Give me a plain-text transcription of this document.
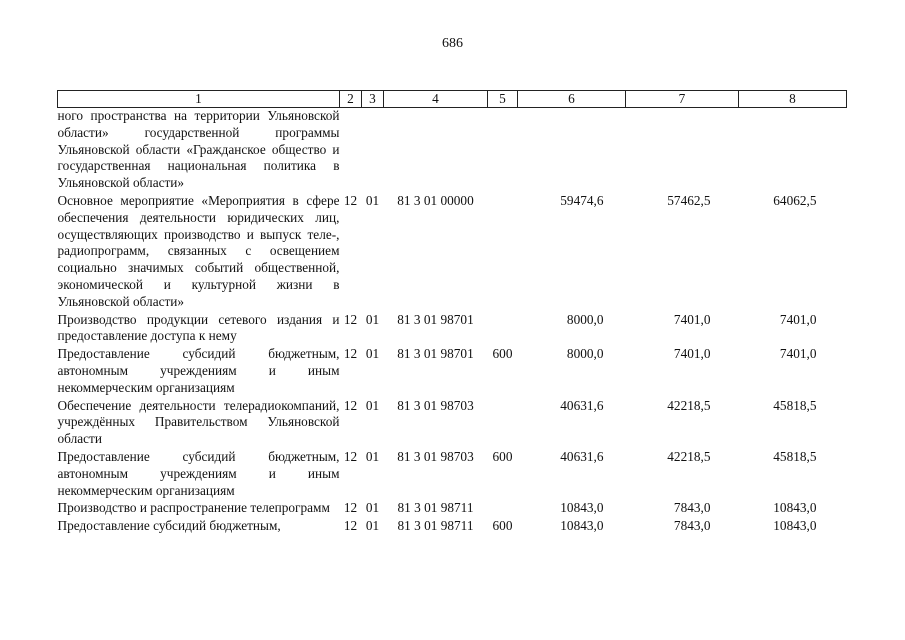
686
1	2	3	4	5	6	7	8
ного пространства на территории Ульяновской области» государственной программы Ульяновской области «Гражданское общество и государственная национальная политика в Ульяновской области»							
Основное мероприятие «Мероприятия в сфере обеспечения деятельности юридических лиц, осуществляющих производство и выпуск теле-, радиопрограмм, связанных с освещением социально значимых событий общественной, экономической и культурной жизни в Ульяновской области»	12	01	81 3 01 00000		59474,6	57462,5	64062,5
Производство продукции сетевого издания и предоставление доступа к нему	12	01	81 3 01 98701		8000,0	7401,0	7401,0
Предоставление субсидий бюджетным, автономным учреждениям и иным некоммерческим организациям	12	01	81 3 01 98701	600	8000,0	7401,0	7401,0
Обеспечение деятельности телерадиокомпаний, учреждённых Правительством Ульяновской области	12	01	81 3 01 98703		40631,6	42218,5	45818,5
Предоставление субсидий бюджетным, автономным учреждениям и иным некоммерческим организациям	12	01	81 3 01 98703	600	40631,6	42218,5	45818,5
Производство и распространение телепрограмм	12	01	81 3 01 98711		10843,0	7843,0	10843,0
Предоставление субсидий бюджетным,	12	01	81 3 01 98711	600	10843,0	7843,0	10843,0
